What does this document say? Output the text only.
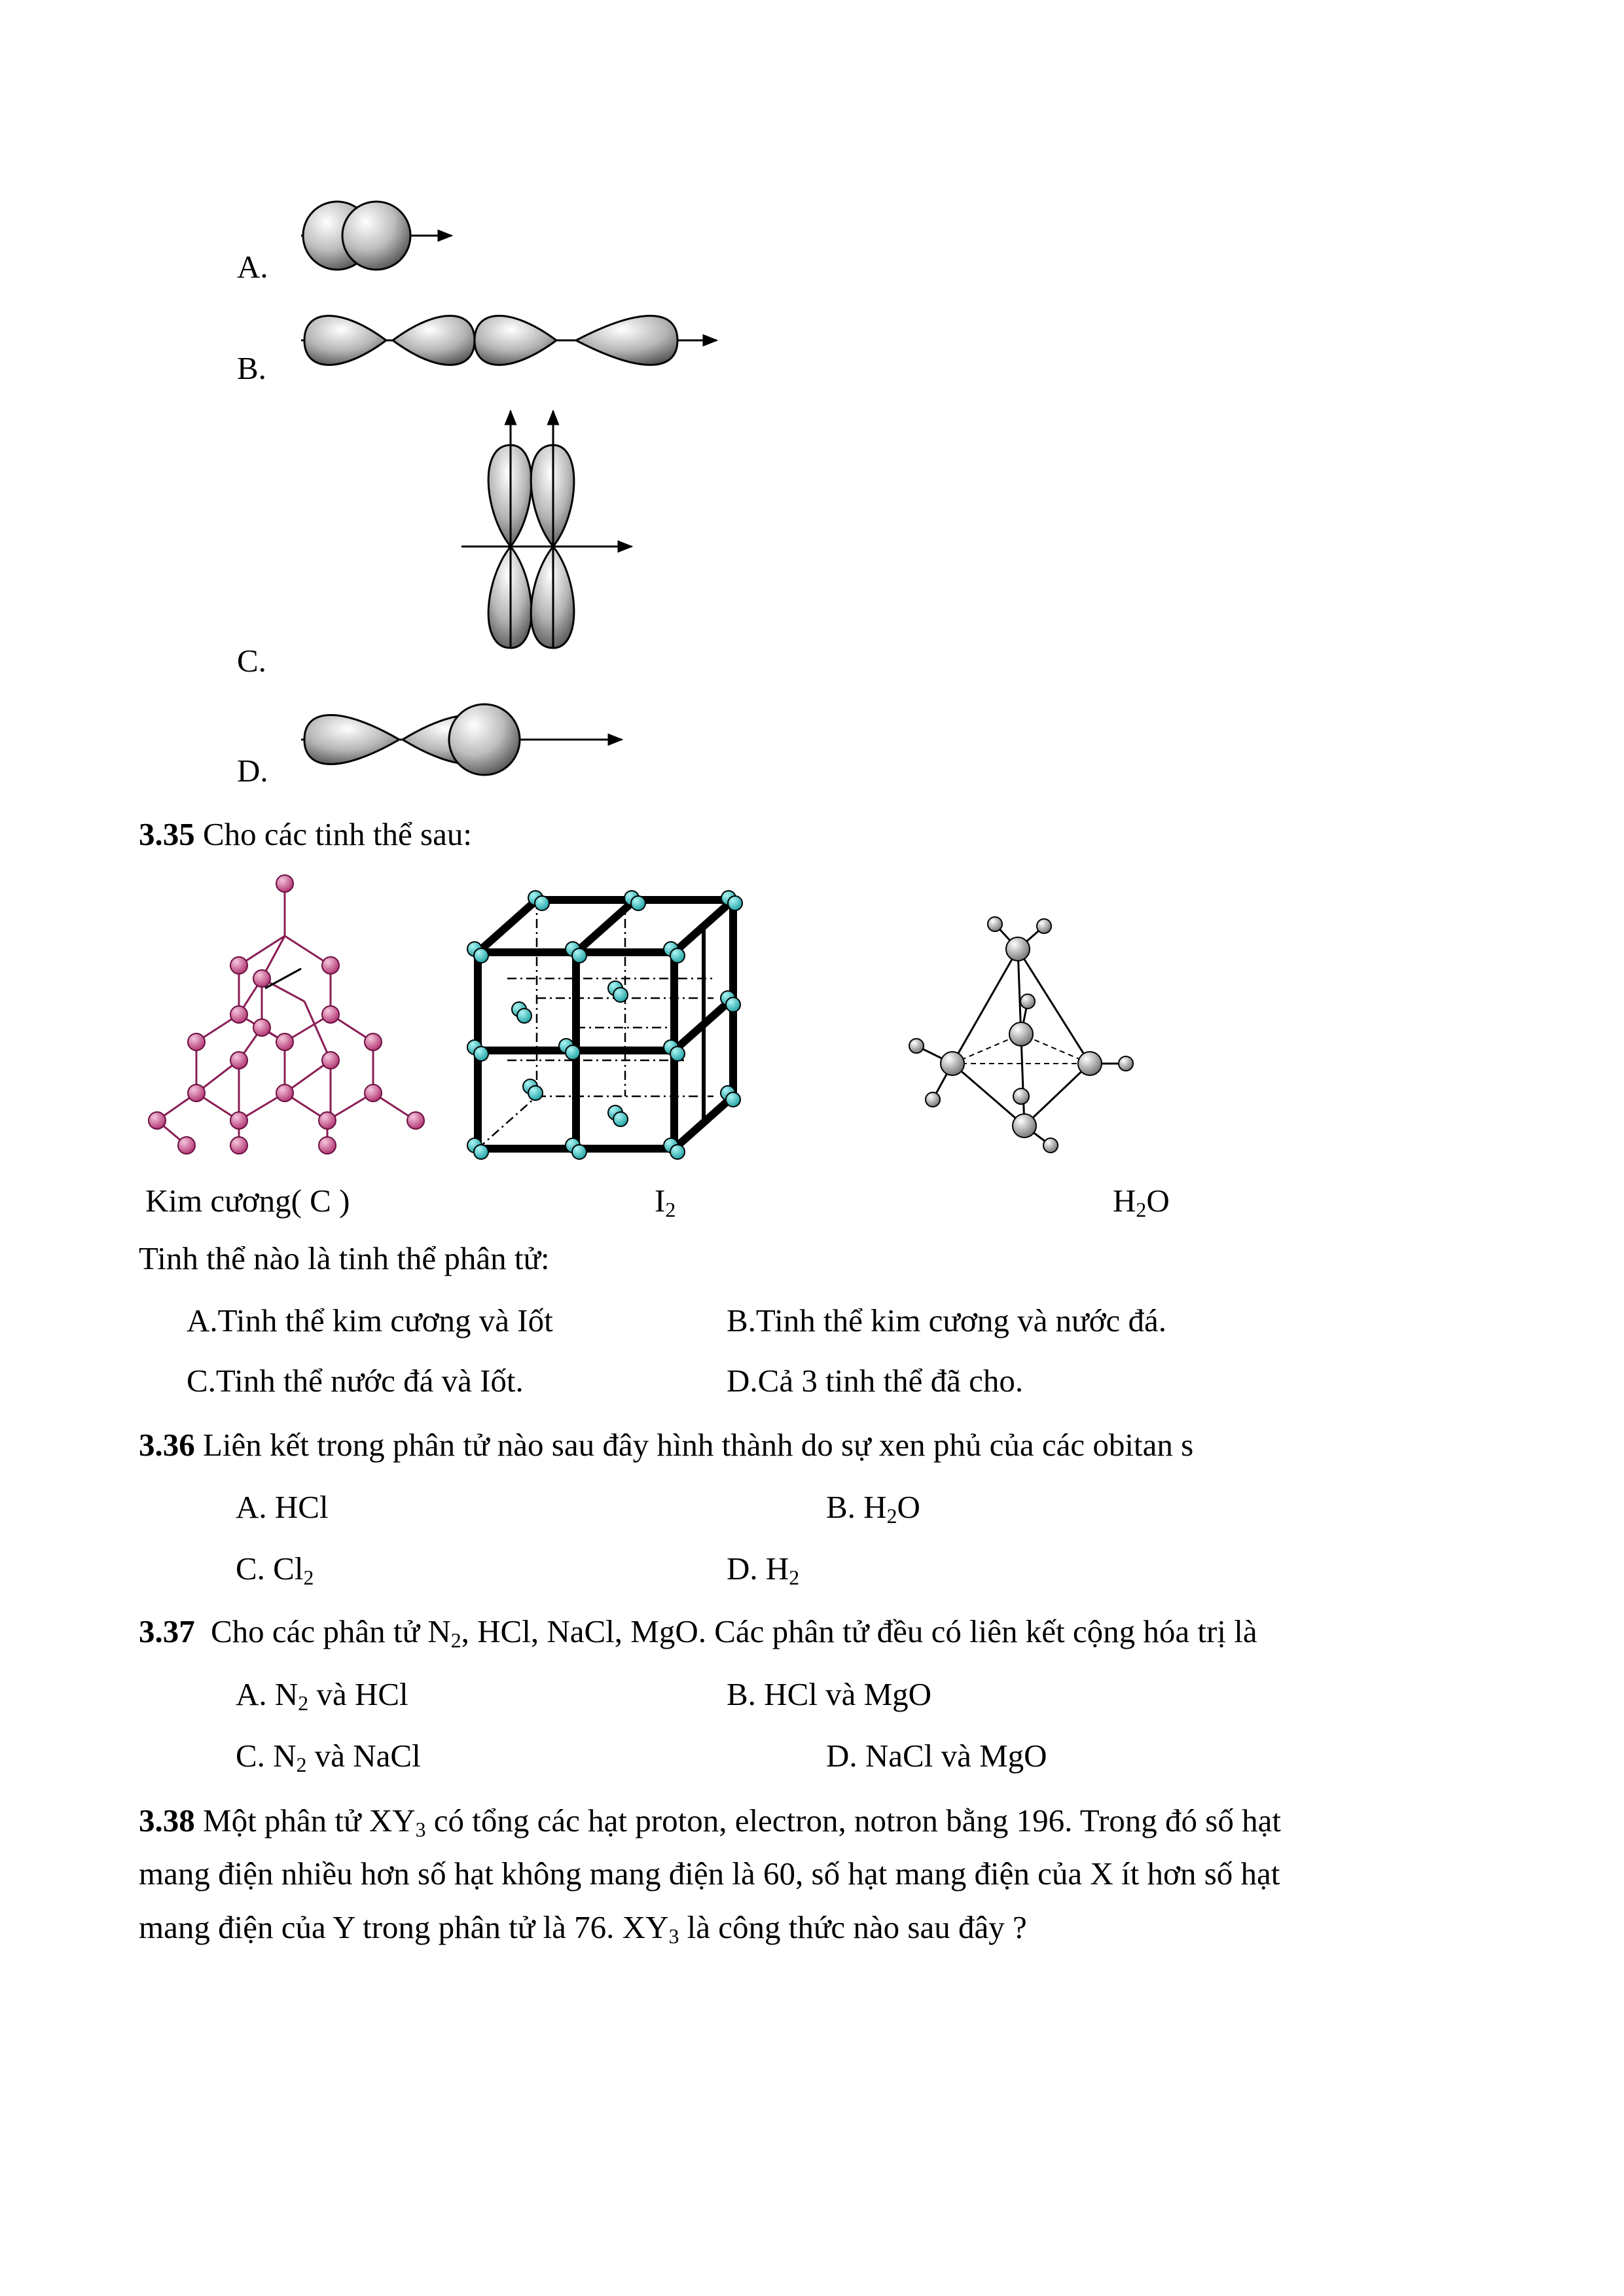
A.
B.
C.
D.
3.35 Cho các tinh thể sau:
Kim cương( C )	$I_2$	$H_2O$
Tinh thể nào là tinh thể phân tử:
A.Tinh thể kim cương và Iốt	B.Tinh thể kim cương và nước đá.
C.Tinh thể nước đá và Iốt.	D.Cả 3 tinh thể đã cho.
3.36 Liên kết trong phân tử nào sau đây hình thành do sự xen phủ của các obitan s
A. HCl	B. $H_2O$
C. $Cl_2$	D. $H_2$
3.37 Cho các phân tử $N_2$, HCl, NaCl, MgO. Các phân tử đều có liên kết cộng hóa trị là
A. $N_2$ và HCl	B. HCl và MgO
C. $N_2$ và NaCl	D. NaCl và MgO
3.38 Một phân tử $XY_3$ có tổng các hạt proton, electron, notron bằng 196. Trong đó số hạt
mang điện nhiều hơn số hạt không mang điện là 60, số hạt mang điện của X ít hơn số hạt
mang điện của Y trong phân tử là 76. $XY_3$ là công thức nào sau đây ?
